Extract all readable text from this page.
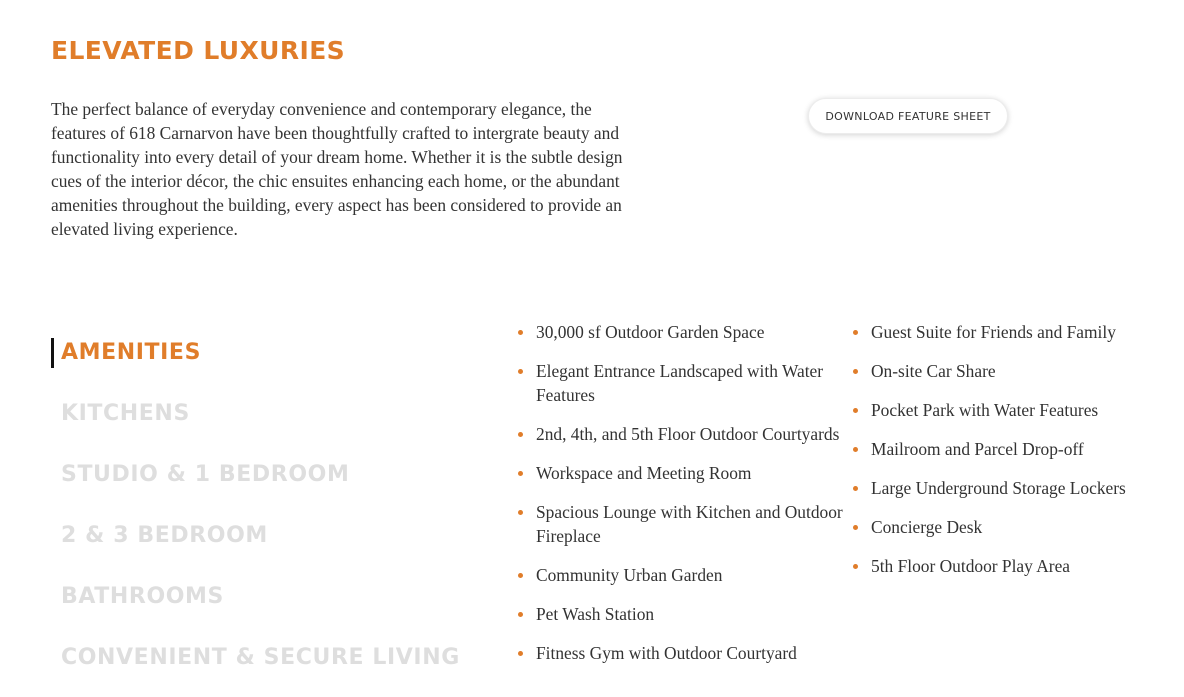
ELEVATED LUXURIES

The perfect balance of everyday convenience and contemporary elegance, the features of 618 Carnarvon have been thoughtfully crafted to intergrate beauty and functionality into every detail of your dream home. Whether it is the subtle design cues of the interior décor, the chic ensuites enhancing each home, or the abundant amenities throughout the building, every aspect has been considered to provide an elevated living experience.

DOWNLOAD FEATURE SHEET
AMENITIES
KITCHENS
STUDIO & 1 BEDROOM
2 & 3 BEDROOM
BATHROOMS
CONVENIENT & SECURE LIVING
30,000 sf Outdoor Garden Space
Elegant Entrance Landscaped with Water Features
2nd, 4th, and 5th Floor Outdoor Courtyards
Workspace and Meeting Room
Spacious Lounge with Kitchen and Outdoor Fireplace
Community Urban Garden
Pet Wash Station
Fitness Gym with Outdoor Courtyard
Guest Suite for Friends and Family
On-site Car Share
Pocket Park with Water Features
Mailroom and Parcel Drop-off
Large Underground Storage Lockers
Concierge Desk
5th Floor Outdoor Play Area
